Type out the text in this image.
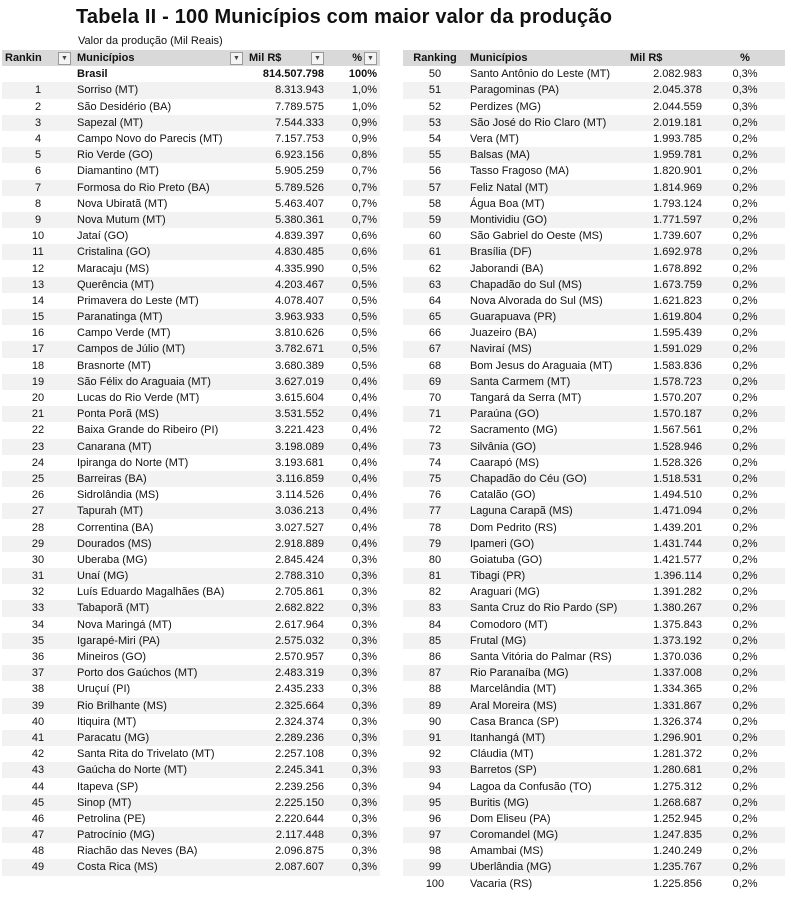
Tabela II - 100 Municípios com maior valor da produção
Valor da produção (Mil Reais)
Rankin ▼	Municípios ▼	Mil R$ ▼	% ▼

	Brasil	814.507.798	100%
1	Sorriso (MT)	8.313.943	1,0%
2	São Desidério (BA)	7.789.575	1,0%
3	Sapezal (MT)	7.544.333	0,9%
4	Campo Novo do Parecis (MT)	7.157.753	0,9%
5	Rio Verde (GO)	6.923.156	0,8%
6	Diamantino (MT)	5.905.259	0,7%
7	Formosa do Rio Preto (BA)	5.789.526	0,7%
8	Nova Ubiratã (MT)	5.463.407	0,7%
9	Nova Mutum (MT)	5.380.361	0,7%
10	Jataí (GO)	4.839.397	0,6%
11	Cristalina (GO)	4.830.485	0,6%
12	Maracaju (MS)	4.335.990	0,5%
13	Querência (MT)	4.203.467	0,5%
14	Primavera do Leste (MT)	4.078.407	0,5%
15	Paranatinga (MT)	3.963.933	0,5%
16	Campo Verde (MT)	3.810.626	0,5%
17	Campos de Júlio (MT)	3.782.671	0,5%
18	Brasnorte (MT)	3.680.389	0,5%
19	São Félix do Araguaia (MT)	3.627.019	0,4%
20	Lucas do Rio Verde (MT)	3.615.604	0,4%
21	Ponta Porã (MS)	3.531.552	0,4%
22	Baixa Grande do Ribeiro (PI)	3.221.423	0,4%
23	Canarana (MT)	3.198.089	0,4%
24	Ipiranga do Norte (MT)	3.193.681	0,4%
25	Barreiras (BA)	3.116.859	0,4%
26	Sidrolândia (MS)	3.114.526	0,4%
27	Tapurah (MT)	3.036.213	0,4%
28	Correntina (BA)	3.027.527	0,4%
29	Dourados (MS)	2.918.889	0,4%
30	Uberaba (MG)	2.845.424	0,3%
31	Unaí (MG)	2.788.310	0,3%
32	Luís Eduardo Magalhães (BA)	2.705.861	0,3%
33	Tabaporã (MT)	2.682.822	0,3%
34	Nova Maringá (MT)	2.617.964	0,3%
35	Igarapé-Miri (PA)	2.575.032	0,3%
36	Mineiros (GO)	2.570.957	0,3%
37	Porto dos Gaúchos (MT)	2.483.319	0,3%
38	Uruçuí (PI)	2.435.233	0,3%
39	Rio Brilhante (MS)	2.325.664	0,3%
40	Itiquira (MT)	2.324.374	0,3%
41	Paracatu (MG)	2.289.236	0,3%
42	Santa Rita do Trivelato (MT)	2.257.108	0,3%
43	Gaúcha do Norte (MT)	2.245.341	0,3%
44	Itapeva (SP)	2.239.256	0,3%
45	Sinop (MT)	2.225.150	0,3%
46	Petrolina (PE)	2.220.644	0,3%
47	Patrocínio (MG)	2.117.448	0,3%
48	Riachão das Neves (BA)	2.096.875	0,3%
49	Costa Rica (MS)	2.087.607	0,3%

Ranking	Municípios	Mil R$	%
50	Santo Antônio do Leste (MT)	2.082.983	0,3%
51	Paragominas (PA)	2.045.378	0,3%
52	Perdizes (MG)	2.044.559	0,3%
53	São José do Rio Claro (MT)	2.019.181	0,2%
54	Vera (MT)	1.993.785	0,2%
55	Balsas (MA)	1.959.781	0,2%
56	Tasso Fragoso (MA)	1.820.901	0,2%
57	Feliz Natal (MT)	1.814.969	0,2%
58	Água Boa (MT)	1.793.124	0,2%
59	Montividiu (GO)	1.771.597	0,2%
60	São Gabriel do Oeste (MS)	1.739.607	0,2%
61	Brasília (DF)	1.692.978	0,2%
62	Jaborandi (BA)	1.678.892	0,2%
63	Chapadão do Sul (MS)	1.673.759	0,2%
64	Nova Alvorada do Sul (MS)	1.621.823	0,2%
65	Guarapuava (PR)	1.619.804	0,2%
66	Juazeiro (BA)	1.595.439	0,2%
67	Naviraí (MS)	1.591.029	0,2%
68	Bom Jesus do Araguaia (MT)	1.583.836	0,2%
69	Santa Carmem (MT)	1.578.723	0,2%
70	Tangará da Serra (MT)	1.570.207	0,2%
71	Paraúna (GO)	1.570.187	0,2%
72	Sacramento (MG)	1.567.561	0,2%
73	Silvânia (GO)	1.528.946	0,2%
74	Caarapó (MS)	1.528.326	0,2%
75	Chapadão do Céu (GO)	1.518.531	0,2%
76	Catalão (GO)	1.494.510	0,2%
77	Laguna Carapã (MS)	1.471.094	0,2%
78	Dom Pedrito (RS)	1.439.201	0,2%
79	Ipameri (GO)	1.431.744	0,2%
80	Goiatuba (GO)	1.421.577	0,2%
81	Tibagi (PR)	1.396.114	0,2%
82	Araguari (MG)	1.391.282	0,2%
83	Santa Cruz do Rio Pardo (SP)	1.380.267	0,2%
84	Comodoro (MT)	1.375.843	0,2%
85	Frutal (MG)	1.373.192	0,2%
86	Santa Vitória do Palmar (RS)	1.370.036	0,2%
87	Rio Paranaíba (MG)	1.337.008	0,2%
88	Marcelândia (MT)	1.334.365	0,2%
89	Aral Moreira (MS)	1.331.867	0,2%
90	Casa Branca (SP)	1.326.374	0,2%
91	Itanhangá (MT)	1.296.901	0,2%
92	Cláudia (MT)	1.281.372	0,2%
93	Barretos (SP)	1.280.681	0,2%
94	Lagoa da Confusão (TO)	1.275.312	0,2%
95	Buritis (MG)	1.268.687	0,2%
96	Dom Eliseu (PA)	1.252.945	0,2%
97	Coromandel (MG)	1.247.835	0,2%
98	Amambai (MS)	1.240.249	0,2%
99	Uberlândia (MG)	1.235.767	0,2%
100	Vacaria (RS)	1.225.856	0,2%
